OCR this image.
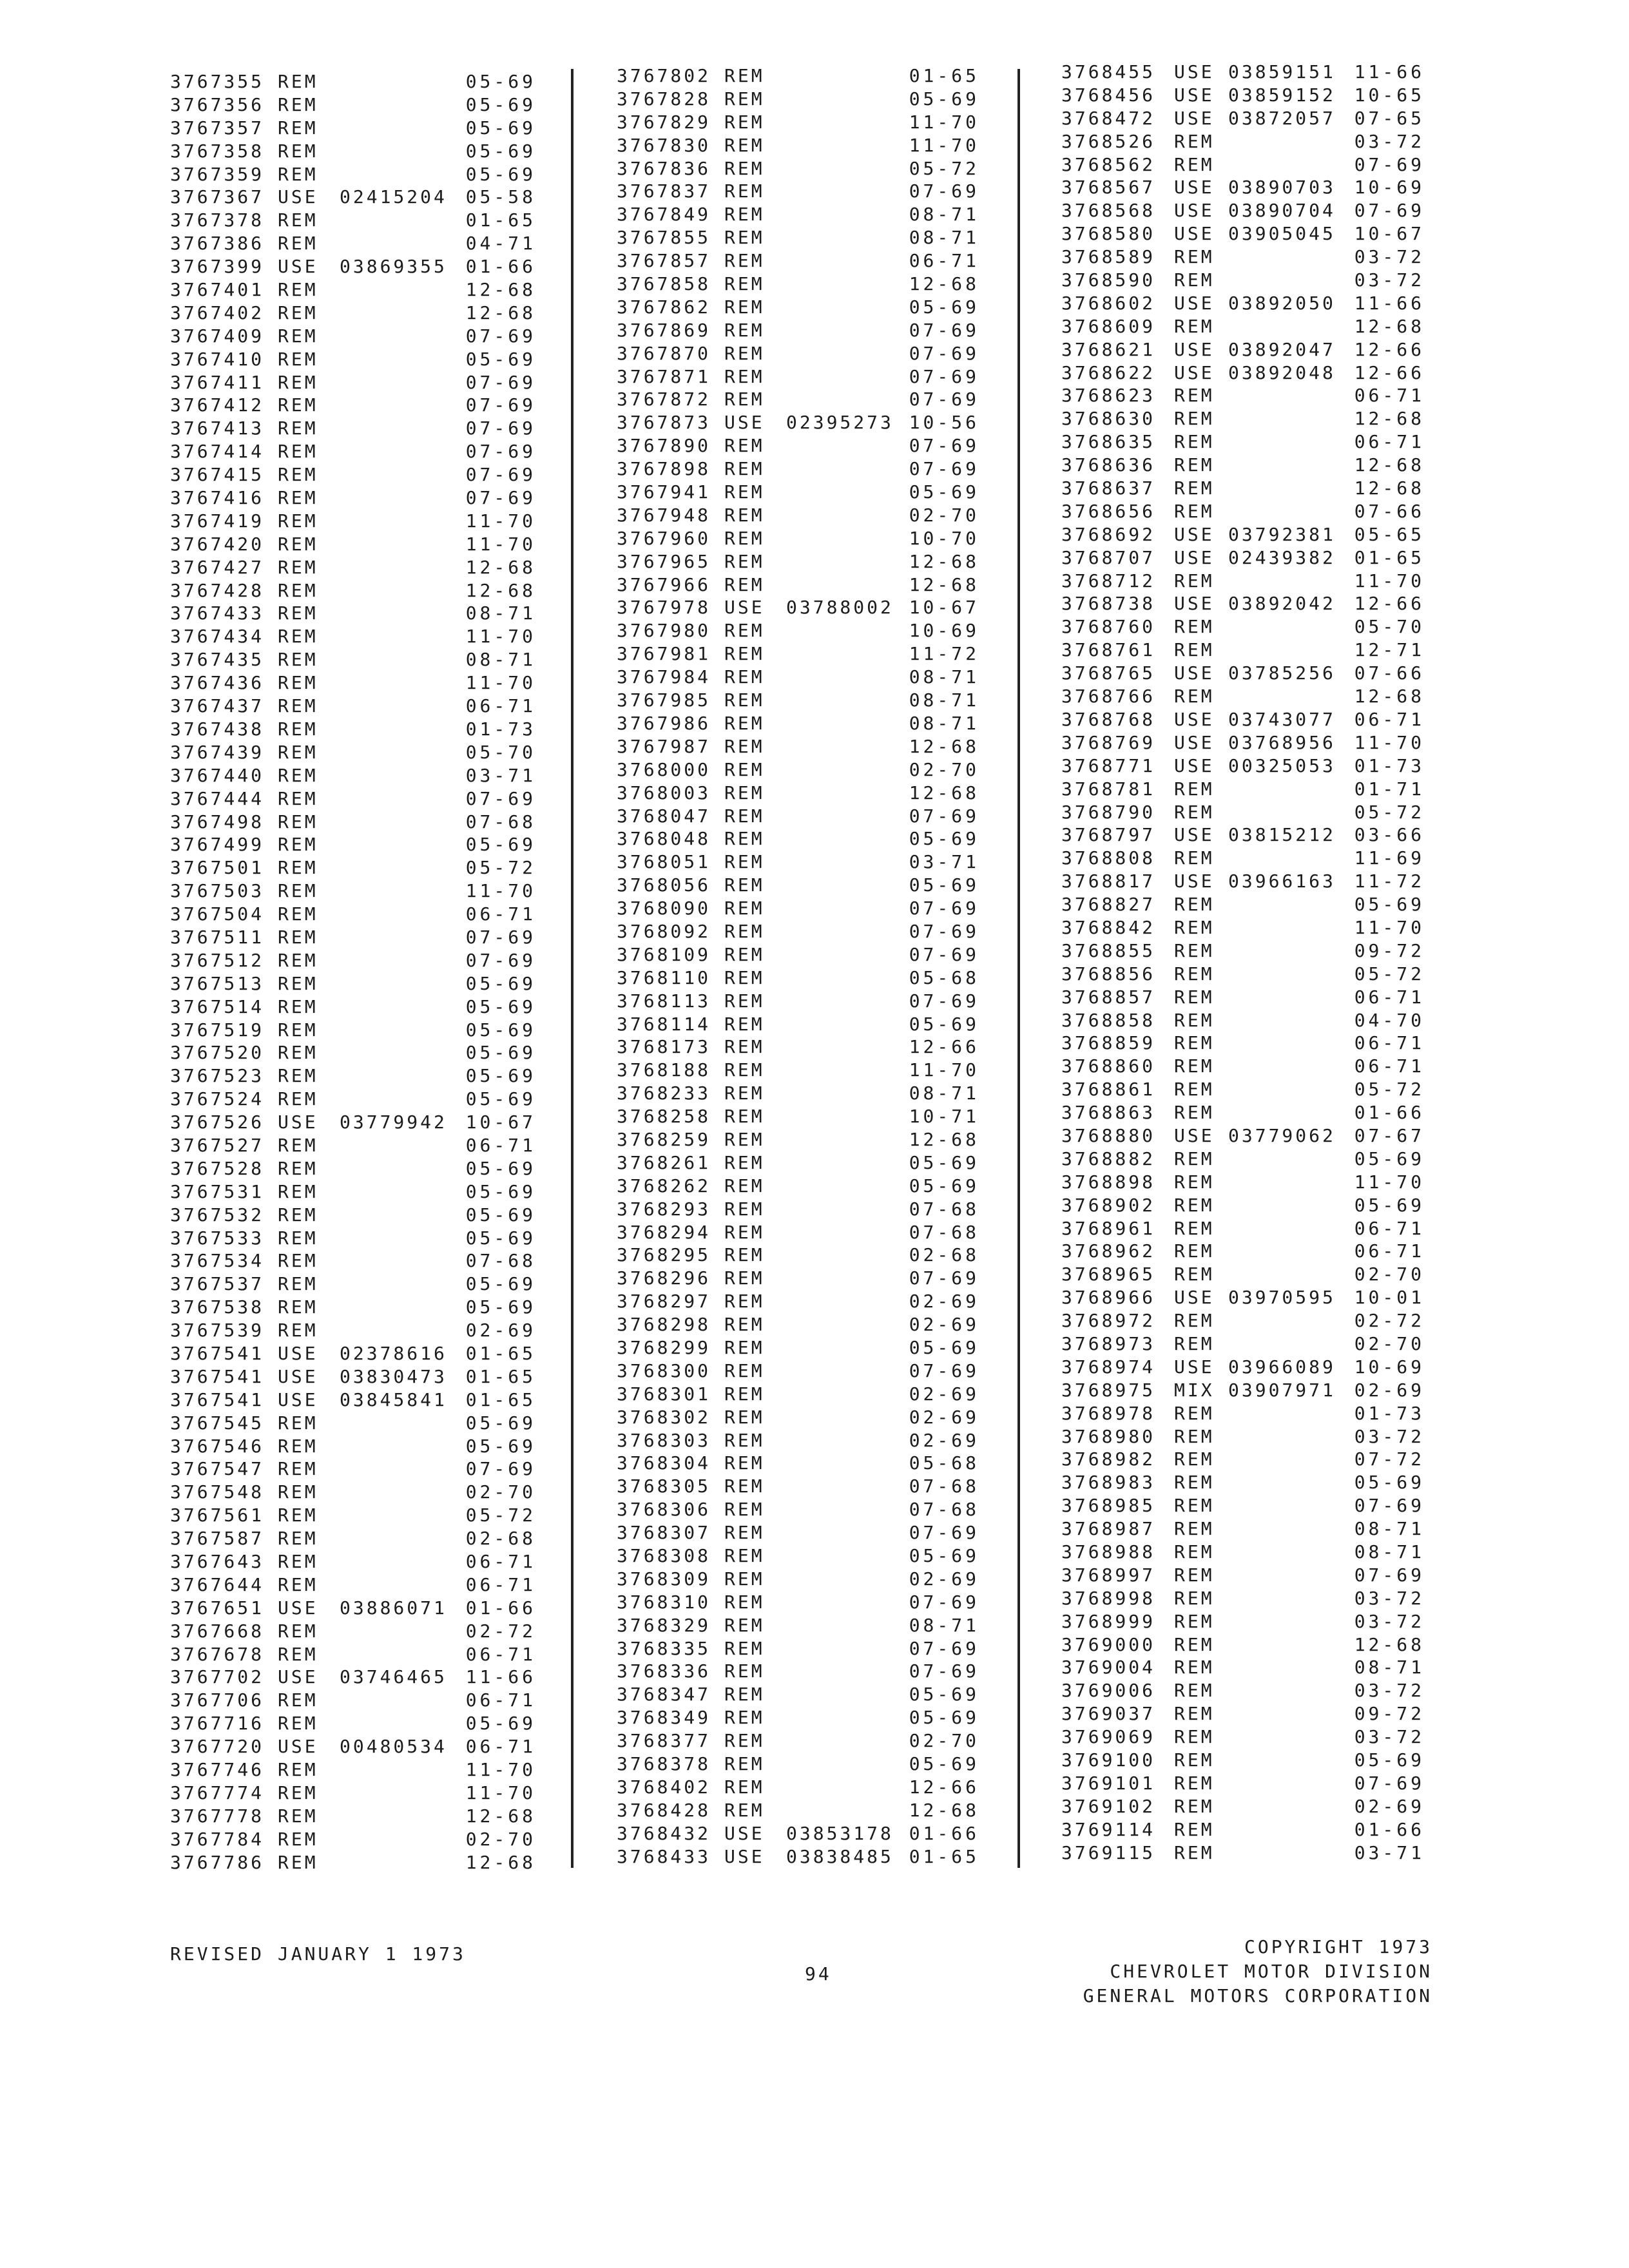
3767355 REM	05-69
3767356 REM	05-69
3767357 REM	05-69
3767358 REM	05-69
3767359 REM	05-69
3767367 USE 02415204 05-58
3767378 REM	01-65
3767386 REM	04-71
3767399 USE 03869355 01-66
3767401 REM	12-68
3767402 REM	12-68
3767409 REM	07-69
3767410 REM	05-69
3767411 REM	07-69
3767412 REM	07-69
3767413 REM	07-69
3767414 REM	07-69
3767415 REM	07-69
3767416 REM	07-69
3767419 REM	11-70
3767420 REM	11-70
3767427 REM	12-68
3767428 REM	12-68
3767433 REM	08-71
3767434 REM	11-70
3767435 REM	08-71
3767436 REM	11-70
3767437 REM	06-71
3767438 REM	01-73
3767439 REM	05-70
3767440 REM	03-71
3767444 REM	07-69
3767498 REM	07-68
3767499 REM	05-69
3767501 REM	05-72
3767503 REM	11-70
3767504 REM	06-71
3767511 REM	07-69
3767512 REM	07-69
3767513 REM	05-69
3767514 REM	05-69
3767519 REM	05-69
3767520 REM	05-69
3767523 REM	05-69
3767524 REM	05-69
3767526 USE 03779942 10-67
3767527 REM	06-71
3767528 REM	05-69
3767531 REM	05-69
3767532 REM	05-69
3767533 REM	05-69
3767534 REM	07-68
3767537 REM	05-69
3767538 REM	05-69
3767539 REM	02-69
3767541 USE 02378616 01-65
3767541 USE 03830473 01-65
3767541 USE 03845841 01-65
3767545 REM	05-69
3767546 REM	05-69
3767547 REM	07-69
3767548 REM	02-70
3767561 REM	05-72
3767587 REM	02-68
3767643 REM	06-71
3767644 REM	06-71
3767651 USE 03886071 01-66
3767668 REM	02-72
3767678 REM	06-71
3767702 USE 03746465 11-66
3767706 REM	06-71
3767716 REM	05-69
3767720 USE 00480534 06-71
3767746 REM	11-70
3767774 REM	11-70
3767778 REM	12-68
3767784 REM	02-70
3767786 REM	12-68
3767802 REM	01-65
3767828 REM	05-69
3767829 REM	11-70
3767830 REM	11-70
3767836 REM	05-72
3767837 REM	07-69
3767849 REM	08-71
3767855 REM	08-71
3767857 REM	06-71
3767858 REM	12-68
3767862 REM	05-69
3767869 REM	07-69
3767870 REM	07-69
3767871 REM	07-69
3767872 REM	07-69
3767873 USE 02395273 10-56
3767890 REM	07-69
3767898 REM	07-69
3767941 REM	05-69
3767948 REM	02-70
3767960 REM	10-70
3767965 REM	12-68
3767966 REM	12-68
3767978 USE 03788002 10-67
3767980 REM	10-69
3767981 REM	11-72
3767984 REM	08-71
3767985 REM	08-71
3767986 REM	08-71
3767987 REM	12-68
3768000 REM	02-70
3768003 REM	12-68
3768047 REM	07-69
3768048 REM	05-69
3768051 REM	03-71
3768056 REM	05-69
3768090 REM	07-69
3768092 REM	07-69
3768109 REM	07-69
3768110 REM	05-68
3768113 REM	07-69
3768114 REM	05-69
3768173 REM	12-66
3768188 REM	11-70
3768233 REM	08-71
3768258 REM	10-71
3768259 REM	12-68
3768261 REM	05-69
3768262 REM	05-69
3768293 REM	07-68
3768294 REM	07-68
3768295 REM	02-68
3768296 REM	07-69
3768297 REM	02-69
3768298 REM	02-69
3768299 REM	05-69
3768300 REM	07-69
3768301 REM	02-69
3768302 REM	02-69
3768303 REM	02-69
3768304 REM	05-68
3768305 REM	07-68
3768306 REM	07-68
3768307 REM	07-69
3768308 REM	05-69
3768309 REM	02-69
3768310 REM	07-69
3768329 REM	08-71
3768335 REM	07-69
3768336 REM	07-69
3768347 REM	05-69
3768349 REM	05-69
3768377 REM	02-70
3768378 REM	05-69
3768402 REM	12-66
3768428 REM	12-68
3768432 USE 03853178 01-66
3768433 USE 03838485 01-65
3768455 USE 03859151 11-66
3768456 USE 03859152 10-65
3768472 USE 03872057 07-65
3768526 REM	03-72
3768562 REM	07-69
3768567 USE 03890703 10-69
3768568 USE 03890704 07-69
3768580 USE 03905045 10-67
3768589 REM	03-72
3768590 REM	03-72
3768602 USE 03892050 11-66
3768609 REM	12-68
3768621 USE 03892047 12-66
3768622 USE 03892048 12-66
3768623 REM	06-71
3768630 REM	12-68
3768635 REM	06-71
3768636 REM	12-68
3768637 REM	12-68
3768656 REM	07-66
3768692 USE 03792381 05-65
3768707 USE 02439382 01-65
3768712 REM	11-70
3768738 USE 03892042 12-66
3768760 REM	05-70
3768761 REM	12-71
3768765 USE 03785256 07-66
3768766 REM	12-68
3768768 USE 03743077 06-71
3768769 USE 03768956 11-70
3768771 USE 00325053 01-73
3768781 REM	01-71
3768790 REM	05-72
3768797 USE 03815212 03-66
3768808 REM	11-69
3768817 USE 03966163 11-72
3768827 REM	05-69
3768842 REM	11-70
3768855 REM	09-72
3768856 REM	05-72
3768857 REM	06-71
3768858 REM	04-70
3768859 REM	06-71
3768860 REM	06-71
3768861 REM	05-72
3768863 REM	01-66
3768880 USE 03779062 07-67
3768882 REM	05-69
3768898 REM	11-70
3768902 REM	05-69
3768961 REM	06-71
3768962 REM	06-71
3768965 REM	02-70
3768966 USE 03970595 10-01
3768972 REM	02-72
3768973 REM	02-70
3768974 USE 03966089 10-69
3768975 MIX 03907971 02-69
3768978 REM	01-73
3768980 REM	03-72
3768982 REM	07-72
3768983 REM	05-69
3768985 REM	07-69
3768987 REM	08-71
3768988 REM	08-71
3768997 REM	07-69
3768998 REM	03-72
3768999 REM	03-72
3769000 REM	12-68
3769004 REM	08-71
3769006 REM	03-72
3769037 REM	09-72
3769069 REM	03-72
3769100 REM	05-69
3769101 REM	07-69
3769102 REM	02-69
3769114 REM	01-66
3769115 REM	03-71
REVISED JANUARY 1 1973
94
COPYRIGHT 1973
CHEVROLET MOTOR DIVISION
GENERAL MOTORS CORPORATION
